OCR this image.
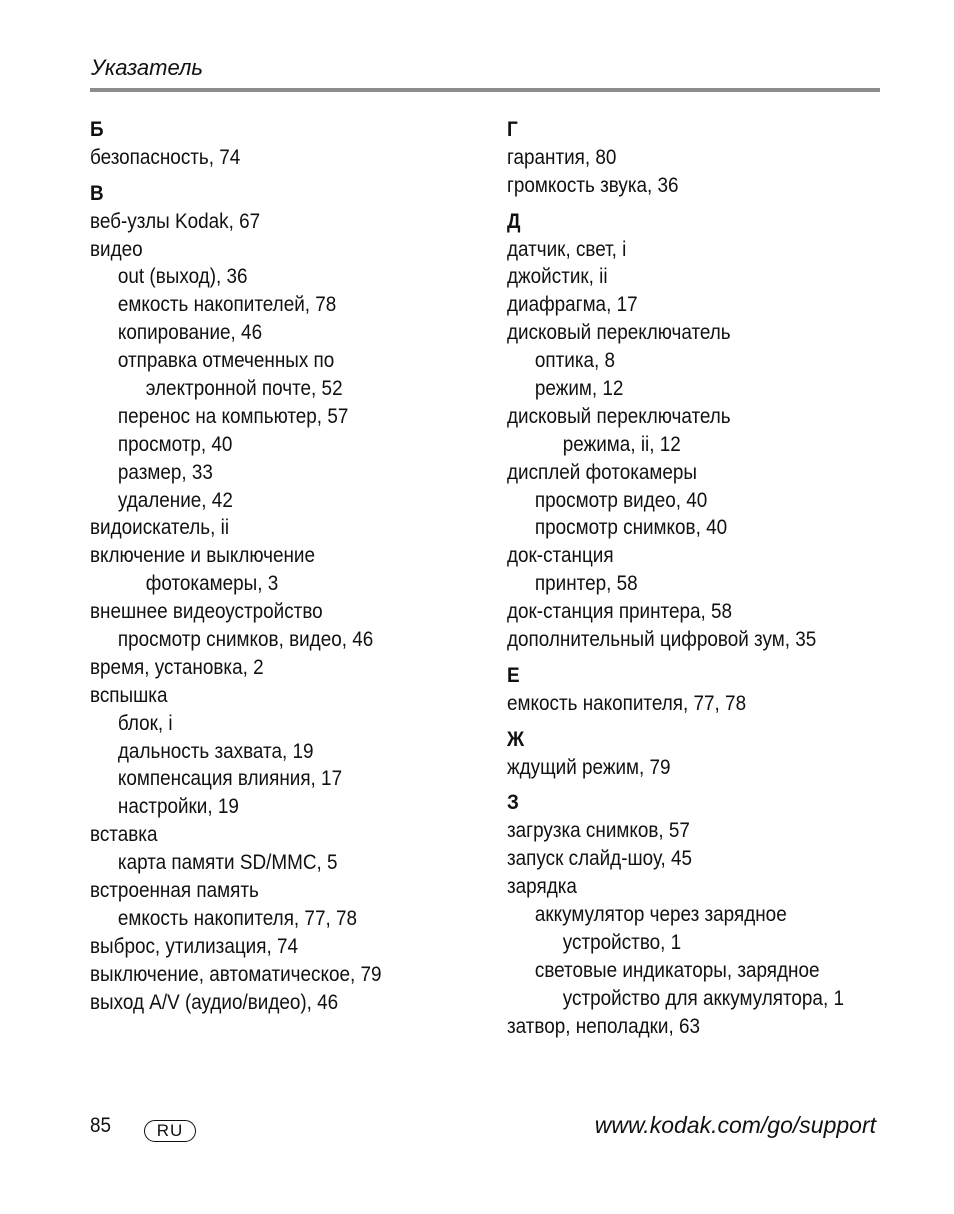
Указатель
Б
безопасность, 74
В
веб-узлы Kodak, 67
видео
out (выход), 36
емкость накопителей, 78
копирование, 46
отправка отмеченных по
электронной почте, 52
перенос на компьютер, 57
просмотр, 40
размер, 33
удаление, 42
видоискатель, ii
включение и выключение
фотокамеры, 3
внешнее видеоустройство
просмотр снимков, видео, 46
время, установка, 2
вспышка
блок, i
дальность захвата, 19
компенсация влияния, 17
настройки, 19
вставка
карта памяти SD/MMC, 5
встроенная память
емкость накопителя, 77, 78
выброс, утилизация, 74
выключение, автоматическое, 79
выход A/V (аудио/видео), 46
Г
гарантия, 80
громкость звука, 36
Д
датчик, свет, i
джойстик, ii
диафрагма, 17
дисковый переключатель
оптика, 8
режим, 12
дисковый переключатель
режима, ii, 12
дисплей фотокамеры
просмотр видео, 40
просмотр снимков, 40
док-станция
принтер, 58
док-станция принтера, 58
дополнительный цифровой зум, 35
Е
емкость накопителя, 77, 78
Ж
ждущий режим, 79
З
загрузка снимков, 57
запуск слайд-шоу, 45
зарядка
аккумулятор через зарядное
устройство, 1
световые индикаторы, зарядное
устройство для аккумулятора, 1
затвор, неполадки, 63
85	RU	www.kodak.com/go/support
